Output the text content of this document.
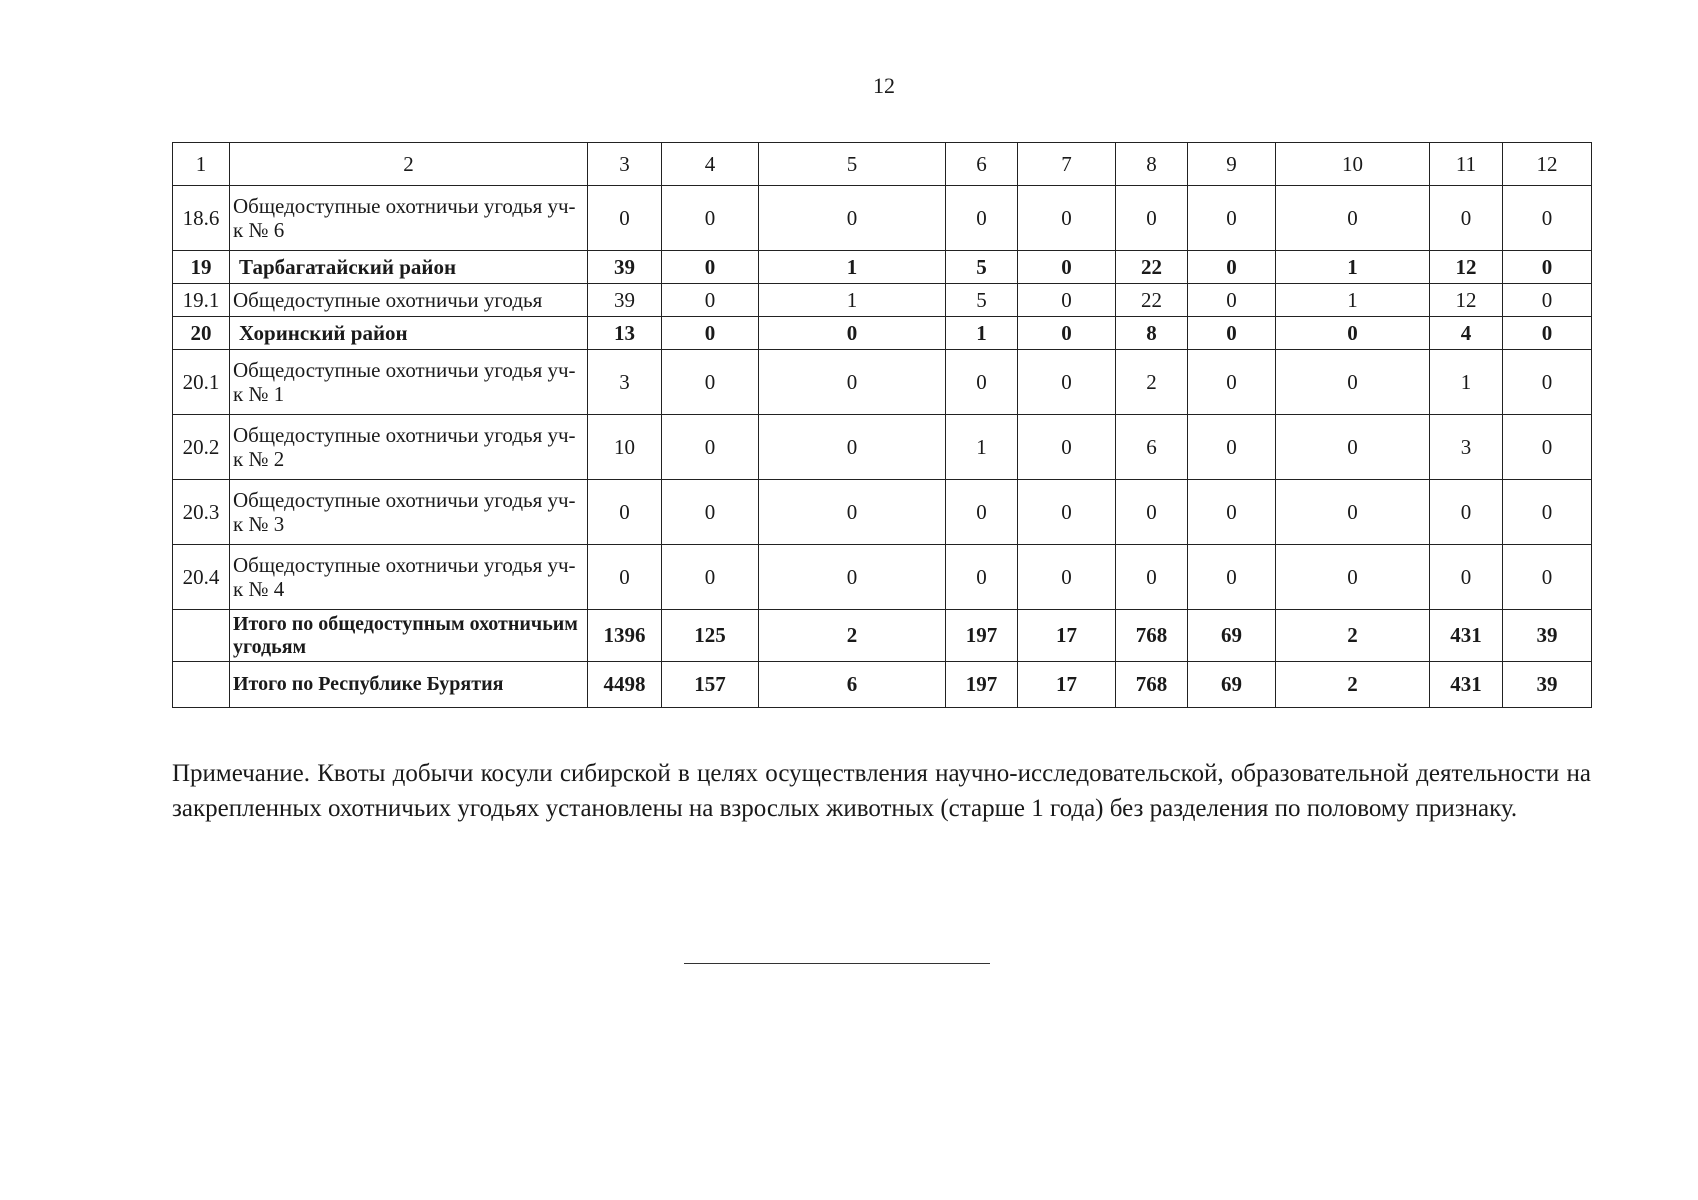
12
1	2	3	4	5	6	7	8	9	10	11	12
18.6	Общедоступные охотничьи угодья уч-к № 6	0	0	0	0	0	0	0	0	0	0
19	Тарбагатайский район	39	0	1	5	0	22	0	1	12	0
19.1	Общедоступные охотничьи угодья	39	0	1	5	0	22	0	1	12	0
20	Хоринский район	13	0	0	1	0	8	0	0	4	0
20.1	Общедоступные охотничьи угодья уч-к № 1	3	0	0	0	0	2	0	0	1	0
20.2	Общедоступные охотничьи угодья уч-к № 2	10	0	0	1	0	6	0	0	3	0
20.3	Общедоступные охотничьи угодья уч-к № 3	0	0	0	0	0	0	0	0	0	0
20.4	Общедоступные охотничьи угодья уч-к № 4	0	0	0	0	0	0	0	0	0	0
	Итого по общедоступным охотничьим угодьям	1396	125	2	197	17	768	69	2	431	39
	Итого по Республике Бурятия	4498	157	6	197	17	768	69	2	431	39

Примечание. Квоты добычи косули сибирской в целях осуществления научно-исследовательской, образовательной деятельности на закрепленных охотничьих угодьях установлены на взрослых животных (старше 1 года) без разделения по половому признаку.
